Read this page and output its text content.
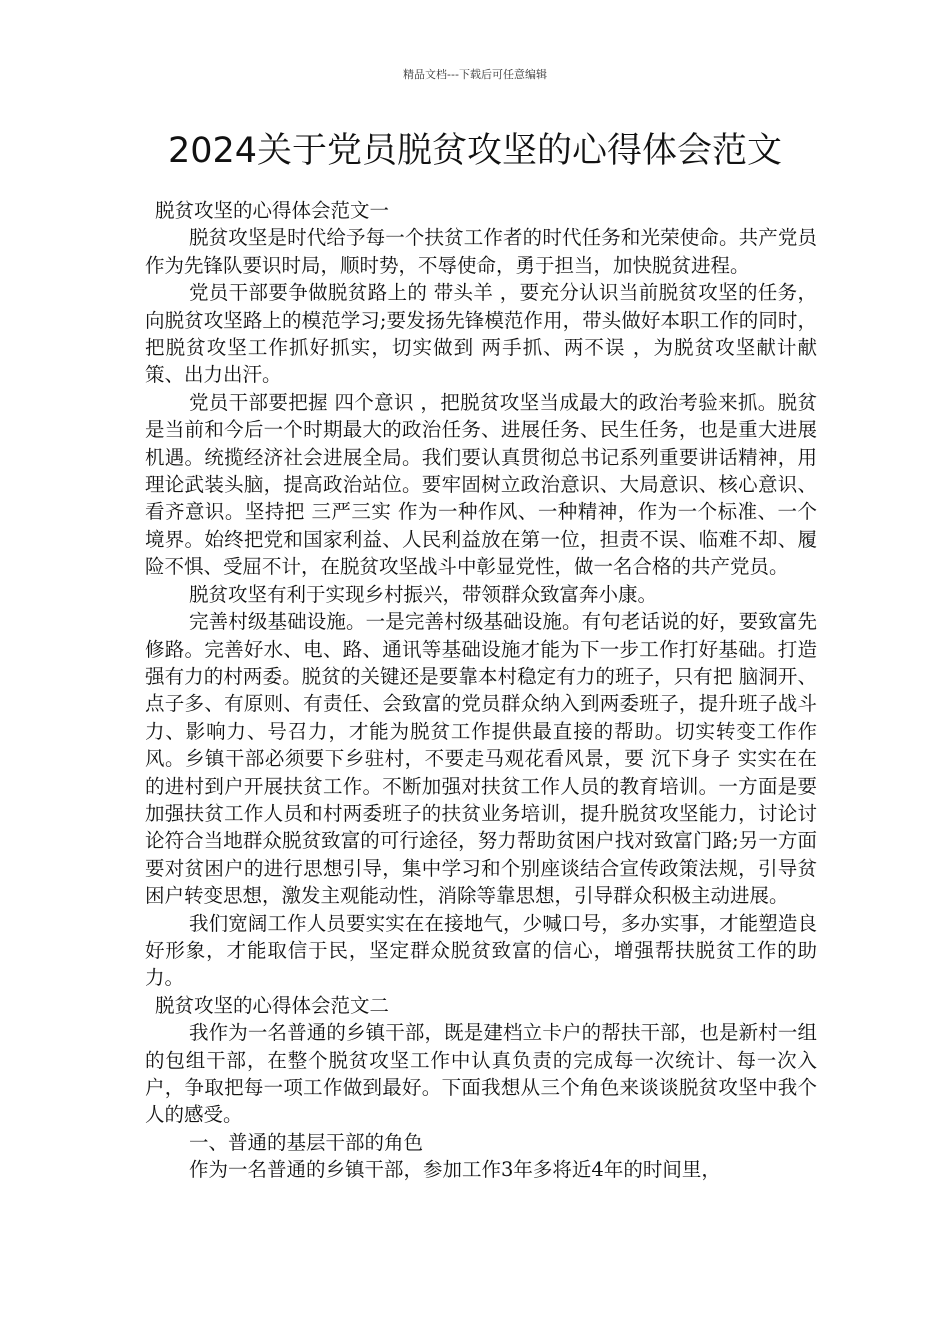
精品文档---下载后可任意编辑
2024关于党员脱贫攻坚的心得体会范文

脱贫攻坚的心得体会范文一

脱贫攻坚是时代给予每一个扶贫工作者的时代任务和光荣使命。共产党员作为先锋队要识时局，顺时势，不辱使命，勇于担当，加快脱贫进程。

党员干部要争做脱贫路上的 带头羊 ，要充分认识当前脱贫攻坚的任务，向脱贫攻坚路上的模范学习;要发扬先锋模范作用，带头做好本职工作的同时，把脱贫攻坚工作抓好抓实，切实做到 两手抓、两不误 ，为脱贫攻坚献计献策、出力出汗。

党员干部要把握 四个意识 ，把脱贫攻坚当成最大的政治考验来抓。脱贫是当前和今后一个时期最大的政治任务、进展任务、民生任务，也是重大进展机遇。统揽经济社会进展全局。我们要认真贯彻总书记系列重要讲话精神，用理论武装头脑，提高政治站位。要牢固树立政治意识、大局意识、核心意识、看齐意识。坚持把 三严三实 作为一种作风、一种精神，作为一个标准、一个境界。始终把党和国家利益、人民利益放在第一位，担责不误、临难不却、履险不惧、受屈不计，在脱贫攻坚战斗中彰显党性，做一名合格的共产党员。

脱贫攻坚有利于实现乡村振兴，带领群众致富奔小康。

完善村级基础设施。一是完善村级基础设施。有句老话说的好，要致富先修路。完善好水、电、路、通讯等基础设施才能为下一步工作打好基础。打造强有力的村两委。脱贫的关键还是要靠本村稳定有力的班子，只有把 脑洞开、点子多、有原则、有责任、会致富的党员群众纳入到两委班子，提升班子战斗力、影响力、号召力，才能为脱贫工作提供最直接的帮助。切实转变工作作风。乡镇干部必须要下乡驻村，不要走马观花看风景，要 沉下身子 实实在在的进村到户开展扶贫工作。不断加强对扶贫工作人员的教育培训。一方面是要加强扶贫工作人员和村两委班子的扶贫业务培训，提升脱贫攻坚能力，讨论讨论符合当地群众脱贫致富的可行途径，努力帮助贫困户找对致富门路;另一方面要对贫困户的进行思想引导，集中学习和个别座谈结合宣传政策法规，引导贫困户转变思想，激发主观能动性，消除等靠思想，引导群众积极主动进展。

我们宽阔工作人员要实实在在接地气，少喊口号，多办实事，才能塑造良好形象，才能取信于民，坚定群众脱贫致富的信心，增强帮扶脱贫工作的助力。

脱贫攻坚的心得体会范文二

我作为一名普通的乡镇干部，既是建档立卡户的帮扶干部，也是新村一组的包组干部，在整个脱贫攻坚工作中认真负责的完成每一次统计、每一次入户，争取把每一项工作做到最好。下面我想从三个角色来谈谈脱贫攻坚中我个人的感受。

一、普通的基层干部的角色

作为一名普通的乡镇干部，参加工作3年多将近4年的时间里，
